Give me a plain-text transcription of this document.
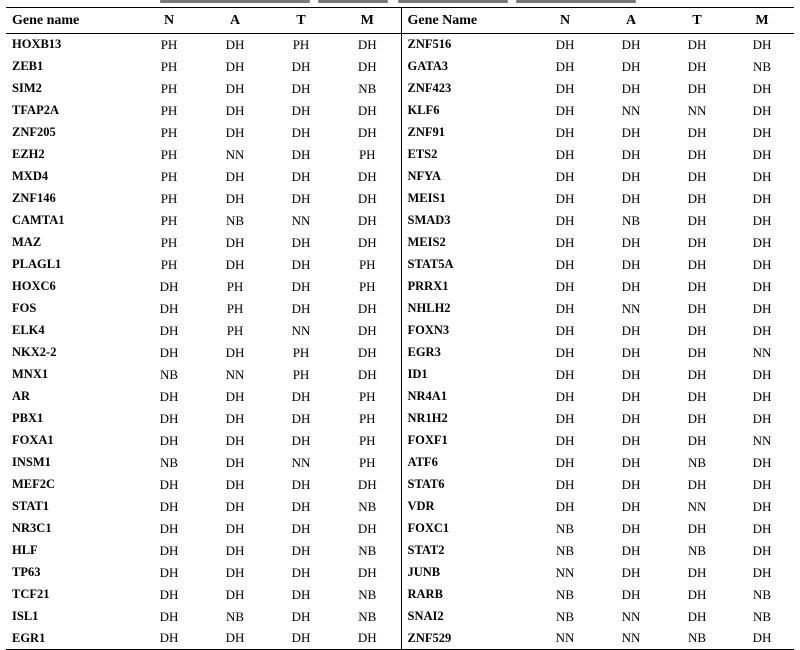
Gene name	N	A	T	M	Gene Name	N	A	T	M
HOXB13	PH	DH	PH	DH	ZNF516	DH	DH	DH	DH
ZEB1	PH	DH	DH	DH	GATA3	DH	DH	DH	NB
SIM2	PH	DH	DH	NB	ZNF423	DH	DH	DH	DH
TFAP2A	PH	DH	DH	DH	KLF6	DH	NN	NN	DH
ZNF205	PH	DH	DH	DH	ZNF91	DH	DH	DH	DH
EZH2	PH	NN	DH	PH	ETS2	DH	DH	DH	DH
MXD4	PH	DH	DH	DH	NFYA	DH	DH	DH	DH
ZNF146	PH	DH	DH	DH	MEIS1	DH	DH	DH	DH
CAMTA1	PH	NB	NN	DH	SMAD3	DH	NB	DH	DH
MAZ	PH	DH	DH	DH	MEIS2	DH	DH	DH	DH
PLAGL1	PH	DH	DH	PH	STAT5A	DH	DH	DH	DH
HOXC6	DH	PH	DH	PH	PRRX1	DH	DH	DH	DH
FOS	DH	PH	DH	DH	NHLH2	DH	NN	DH	DH
ELK4	DH	PH	NN	DH	FOXN3	DH	DH	DH	DH
NKX2-2	DH	DH	PH	DH	EGR3	DH	DH	DH	NN
MNX1	NB	NN	PH	DH	ID1	DH	DH	DH	DH
AR	DH	DH	DH	PH	NR4A1	DH	DH	DH	DH
PBX1	DH	DH	DH	PH	NR1H2	DH	DH	DH	DH
FOXA1	DH	DH	DH	PH	FOXF1	DH	DH	DH	NN
INSM1	NB	DH	NN	PH	ATF6	DH	DH	NB	DH
MEF2C	DH	DH	DH	DH	STAT6	DH	DH	DH	DH
STAT1	DH	DH	DH	NB	VDR	DH	DH	NN	DH
NR3C1	DH	DH	DH	DH	FOXC1	NB	DH	DH	DH
HLF	DH	DH	DH	NB	STAT2	NB	DH	NB	DH
TP63	DH	DH	DH	DH	JUNB	NN	DH	DH	DH
TCF21	DH	DH	DH	NB	RARB	NB	DH	DH	NB
ISL1	DH	NB	DH	NB	SNAI2	NB	NN	DH	NB
EGR1	DH	DH	DH	DH	ZNF529	NN	NN	NB	DH
